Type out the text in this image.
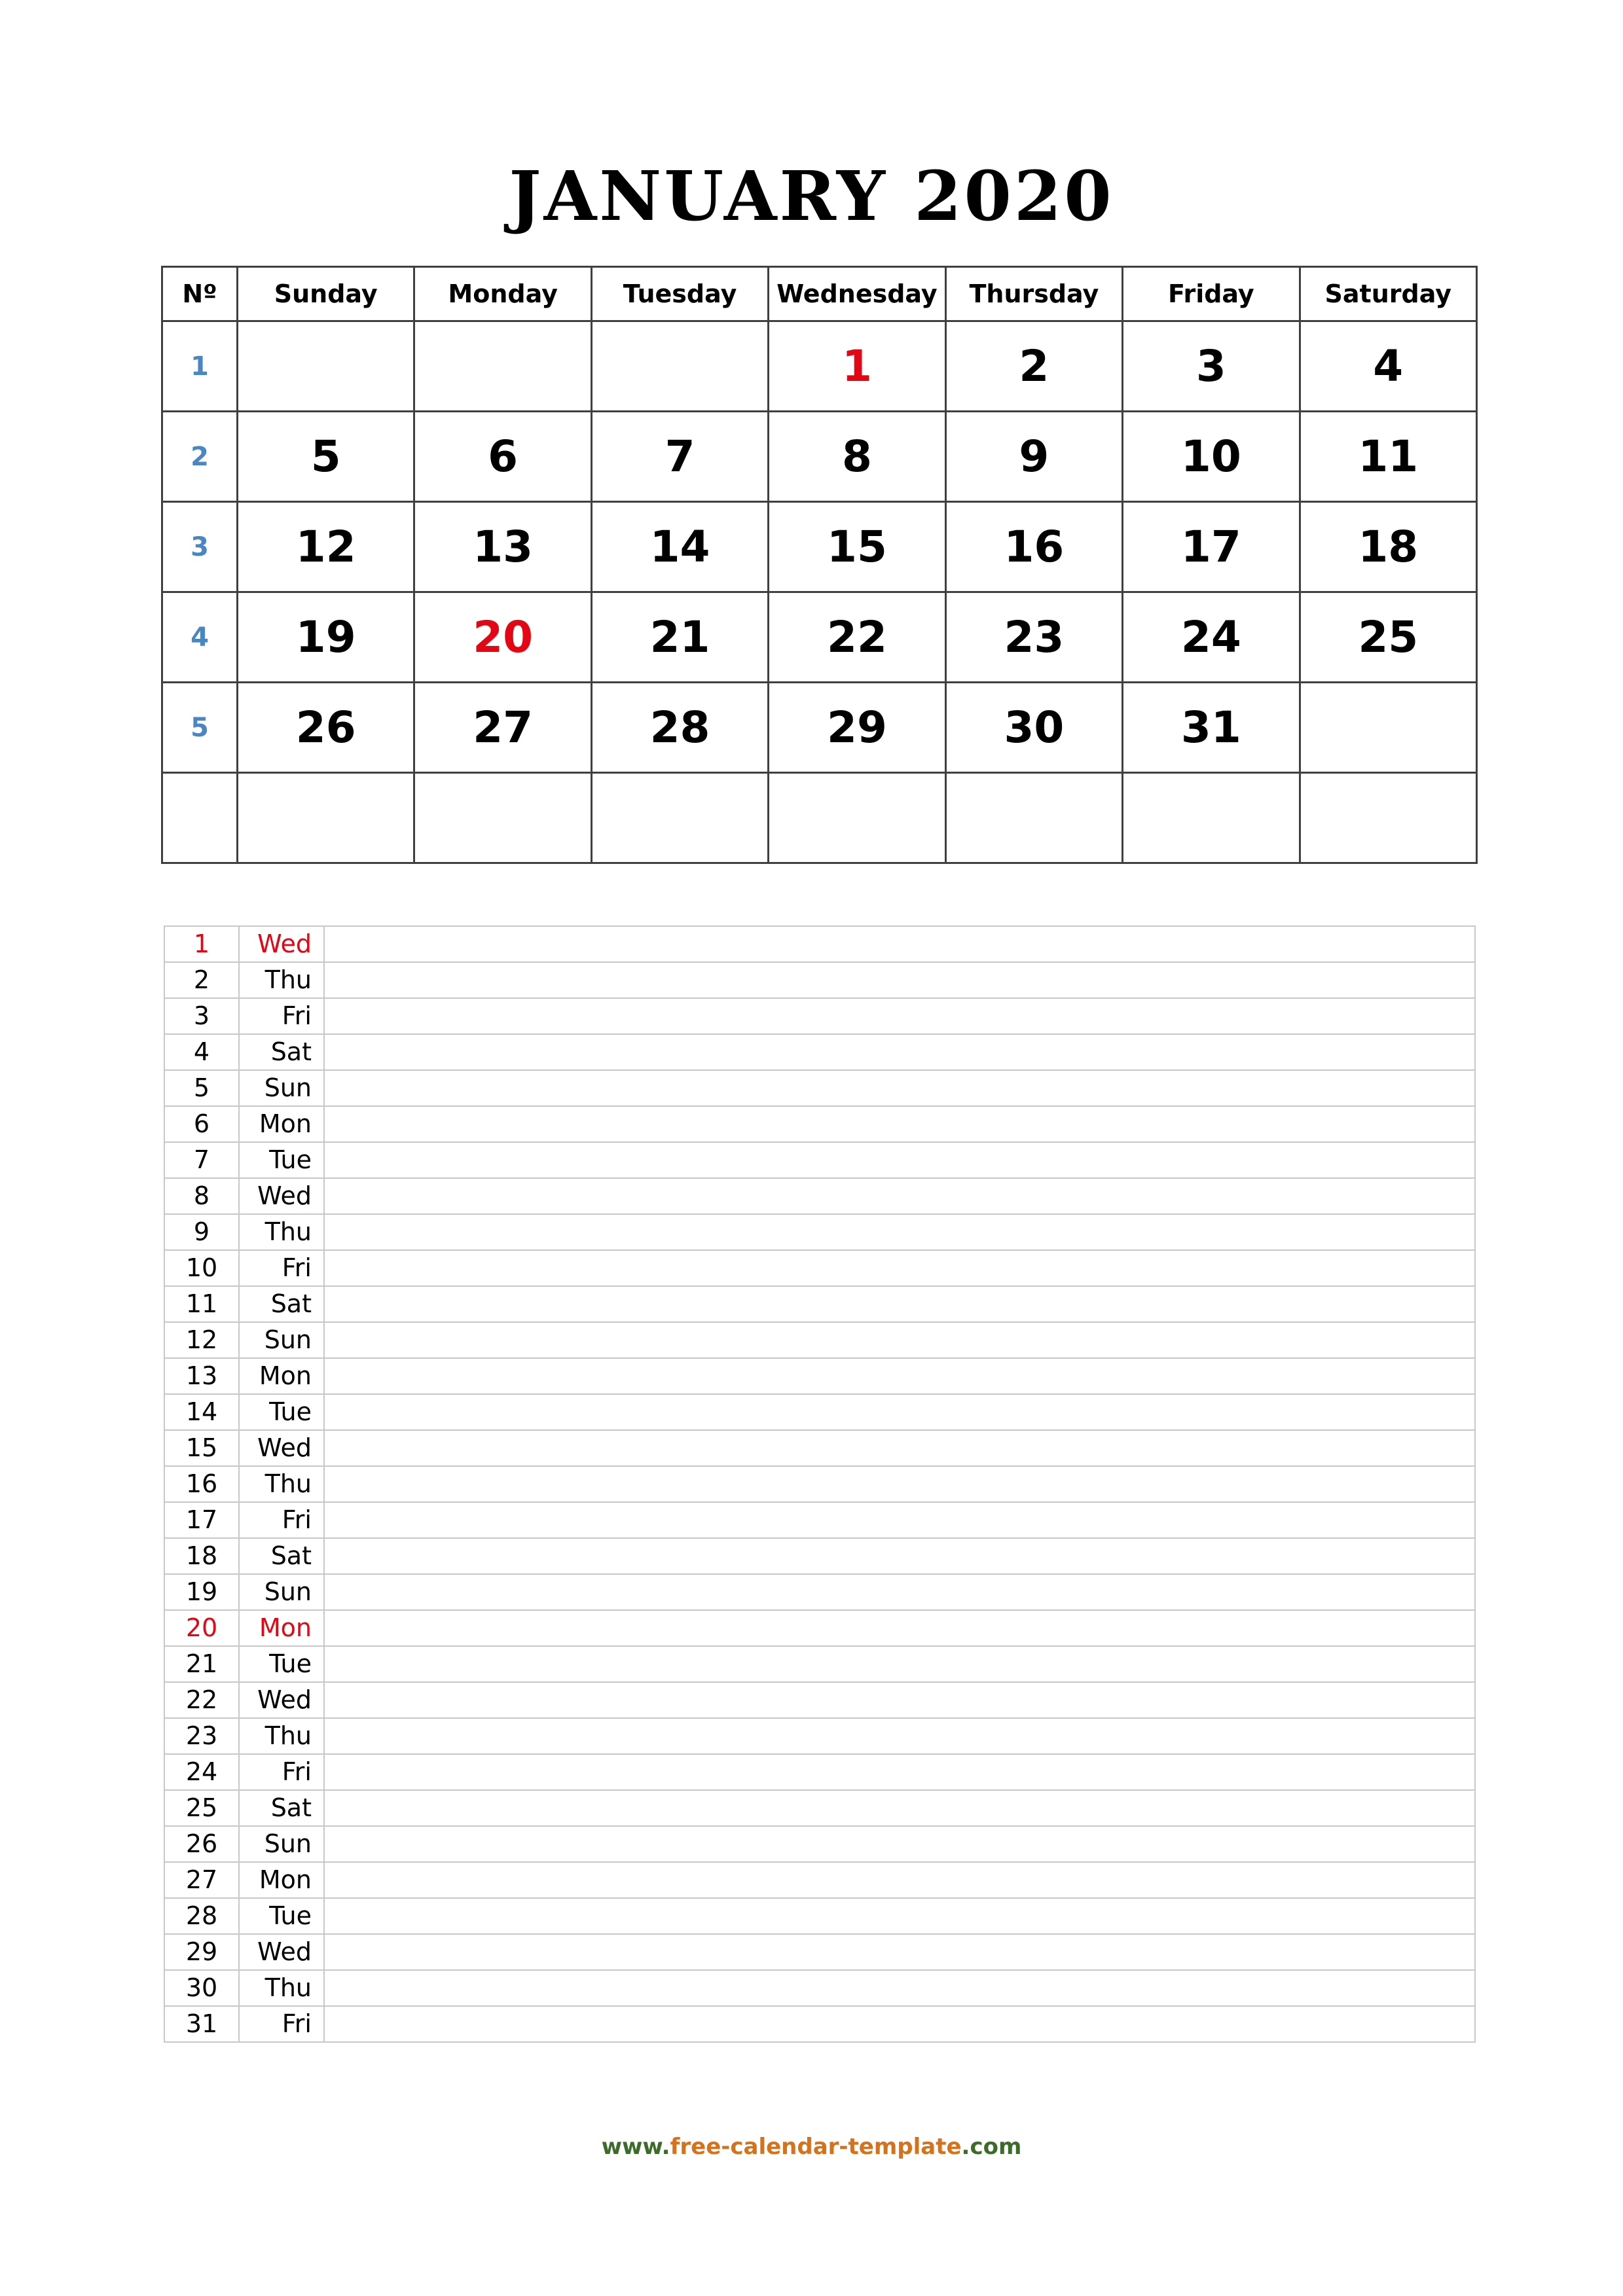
JANUARY 2020
Nº	Sunday	Monday	Tuesday	Wednesday	Thursday	Friday	Saturday
1				1	2	3	4
2	5	6	7	8	9	10	11
3	12	13	14	15	16	17	18
4	19	20	21	22	23	24	25
5	26	27	28	29	30	31	

1	Wed	
2	Thu	
3	Fri	
4	Sat	
5	Sun	
6	Mon	
7	Tue	
8	Wed	
9	Thu	
10	Fri	
11	Sat	
12	Sun	
13	Mon	
14	Tue	
15	Wed	
16	Thu	
17	Fri	
18	Sat	
19	Sun	
20	Mon	
21	Tue	
22	Wed	
23	Thu	
24	Fri	
25	Sat	
26	Sun	
27	Mon	
28	Tue	
29	Wed	
30	Thu	
31	Fri	
www.free-calendar-template.com
